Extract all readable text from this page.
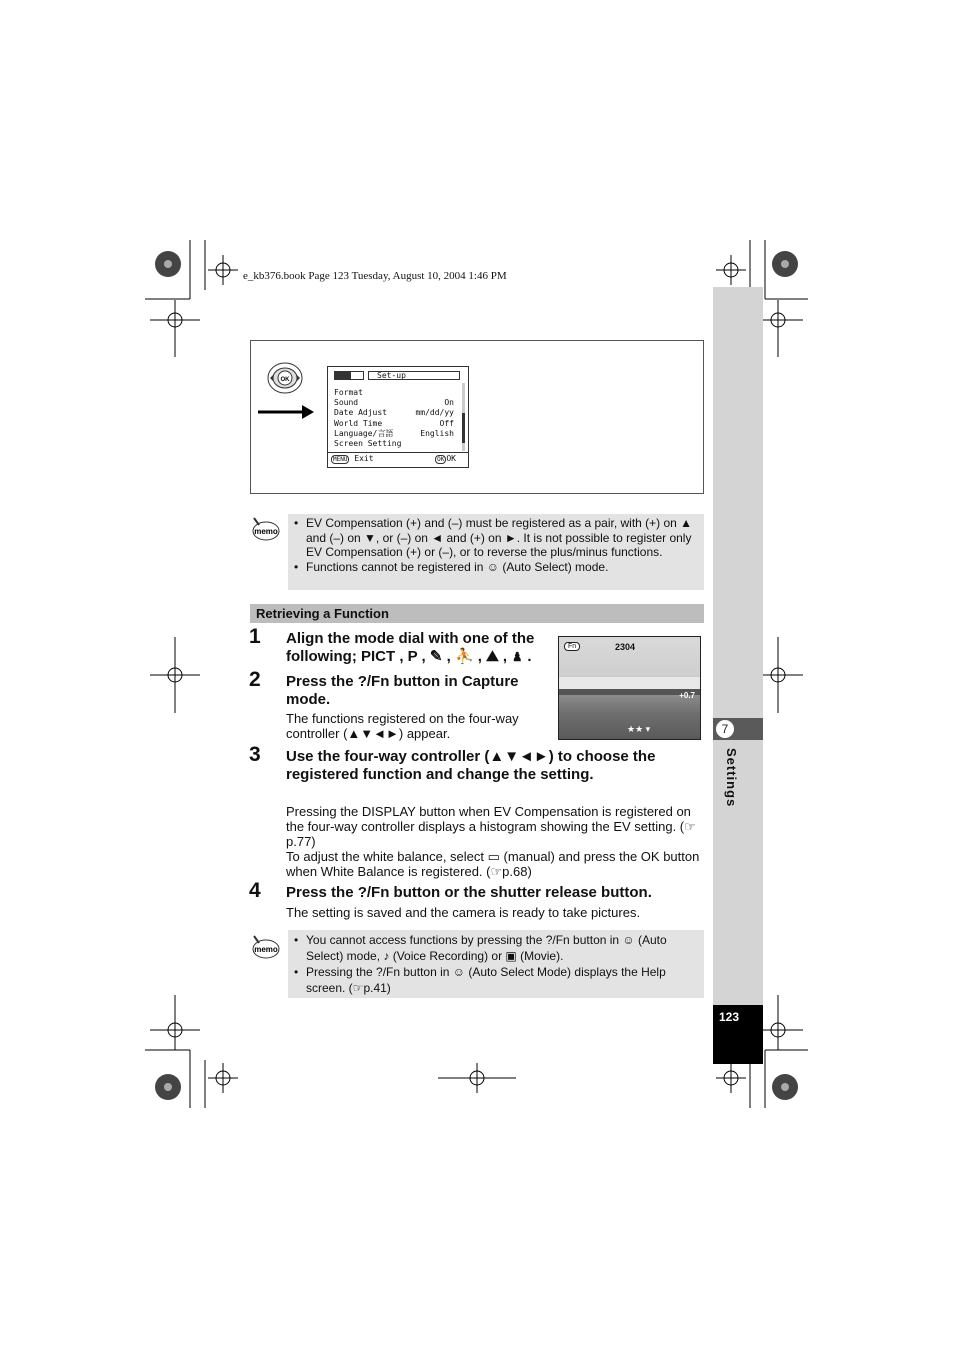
e_kb376.book Page 123 Tuesday, August 10, 2004 1:46 PM
7
Settings
123
OK	Set-up
Format
Sound	On
Date Adjust	mm/dd/yy
World Time	Off
Language/言語	English
Screen Setting
MENU Exit	OK OK
memo
• EV Compensation (+) and (–) must be registered as a pair, with (+) on ▲ and (–) on ▼, or (–) on ◄ and (+) on ►. It is not possible to register only EV Compensation (+) or (–), or to reverse the plus/minus functions.
• Functions cannot be registered in ☺ (Auto Select) mode.
Retrieving a Function
1 Align the mode dial with one of the following; PICT , P , ✎ , ⛹ , ⛰ , ♟ .
2 Press the ?/Fn button in Capture mode.
The functions registered on the four-way controller (▲▼◄►) appear.
Fn	2304
+0.7
★★ ▾
3 Use the four-way controller (▲▼◄►) to choose the registered function and change the setting.
Pressing the DISPLAY button when EV Compensation is registered on the four-way controller displays a histogram showing the EV setting. (☞p.77)
To adjust the white balance, select ▭ (manual) and press the OK button when White Balance is registered. (☞p.68)
4 Press the ?/Fn button or the shutter release button.
The setting is saved and the camera is ready to take pictures.
memo
• You cannot access functions by pressing the ?/Fn button in ☺ (Auto Select) mode, ♪ (Voice Recording) or ▣ (Movie).
• Pressing the ?/Fn button in ☺ (Auto Select Mode) displays the Help screen. (☞p.41)
